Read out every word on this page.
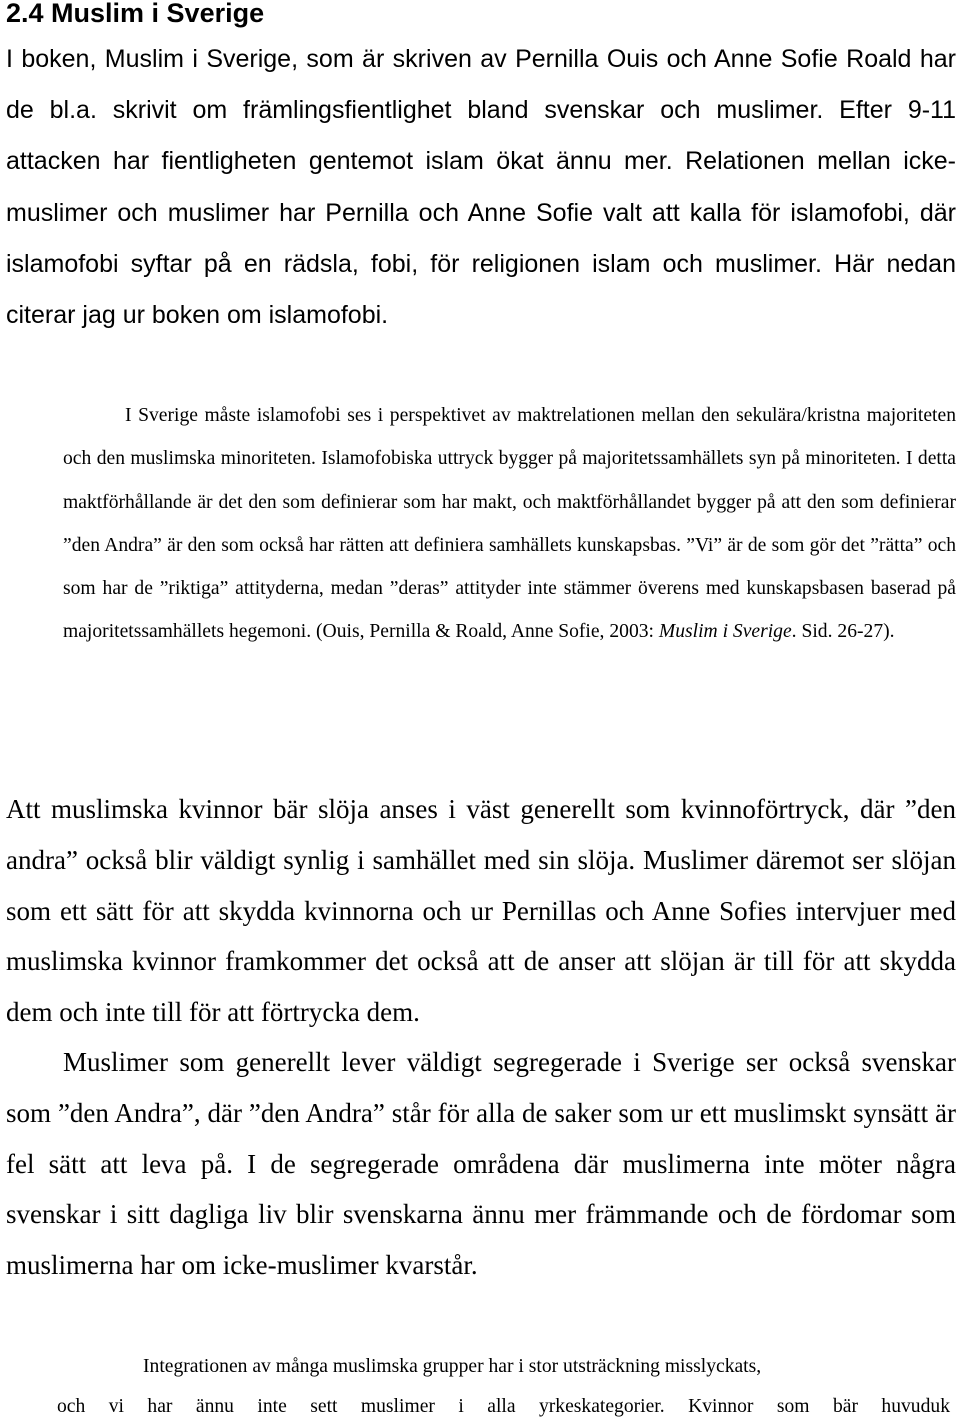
2.4 Muslim i Sverige

I boken, Muslim i Sverige, som är skriven av Pernilla Ouis och Anne Sofie Roald har de bl.a. skrivit om främlingsfientlighet bland svenskar och muslimer. Efter 9-11 attacken har fientligheten gentemot islam ökat ännu mer. Relationen mellan icke-muslimer och muslimer har Pernilla och Anne Sofie valt att kalla för islamofobi, där islamofobi syftar på en rädsla, fobi, för religionen islam och muslimer. Här nedan citerar jag ur boken om islamofobi.

I Sverige måste islamofobi ses i perspektivet av maktrelationen mellan den sekulära/kristna majoriteten och den muslimska minoriteten. Islamofobiska uttryck bygger på majoritetssamhällets syn på minoriteten. I detta maktförhållande är det den som definierar som har makt, och maktförhållandet bygger på att den som definierar ”den Andra” är den som också har rätten att definiera samhällets kunskapsbas. ”Vi” är de som gör det ”rätta” och som har de ”riktiga” attityderna, medan ”deras” attityder inte stämmer överens med kunskapsbasen baserad på majoritetssamhällets hegemoni. (Ouis, Pernilla & Roald, Anne Sofie, 2003: Muslim i Sverige. Sid. 26-27).

Att muslimska kvinnor bär slöja anses i väst generellt som kvinnoförtryck, där ”den andra” också blir väldigt synlig i samhället med sin slöja. Muslimer däremot ser slöjan som ett sätt för att skydda kvinnorna och ur Pernillas och Anne Sofies intervjuer med muslimska kvinnor framkommer det också att de anser att slöjan är till för att skydda dem och inte till för att förtrycka dem.

Muslimer som generellt lever väldigt segregerade i Sverige ser också svenskar som ”den Andra”, där ”den Andra” står för alla de saker som ur ett muslimskt synsätt är fel sätt att leva på. I de segregerade områdena där muslimerna inte möter några svenskar i sitt dagliga liv blir svenskarna ännu mer främmande och de fördomar som muslimerna har om icke-muslimer kvarstår.

Integrationen av många muslimska grupper har i stor utsträckning misslyckats,

och vi har ännu inte sett muslimer i alla yrkeskategorier. Kvinnor som bär huvuduk
